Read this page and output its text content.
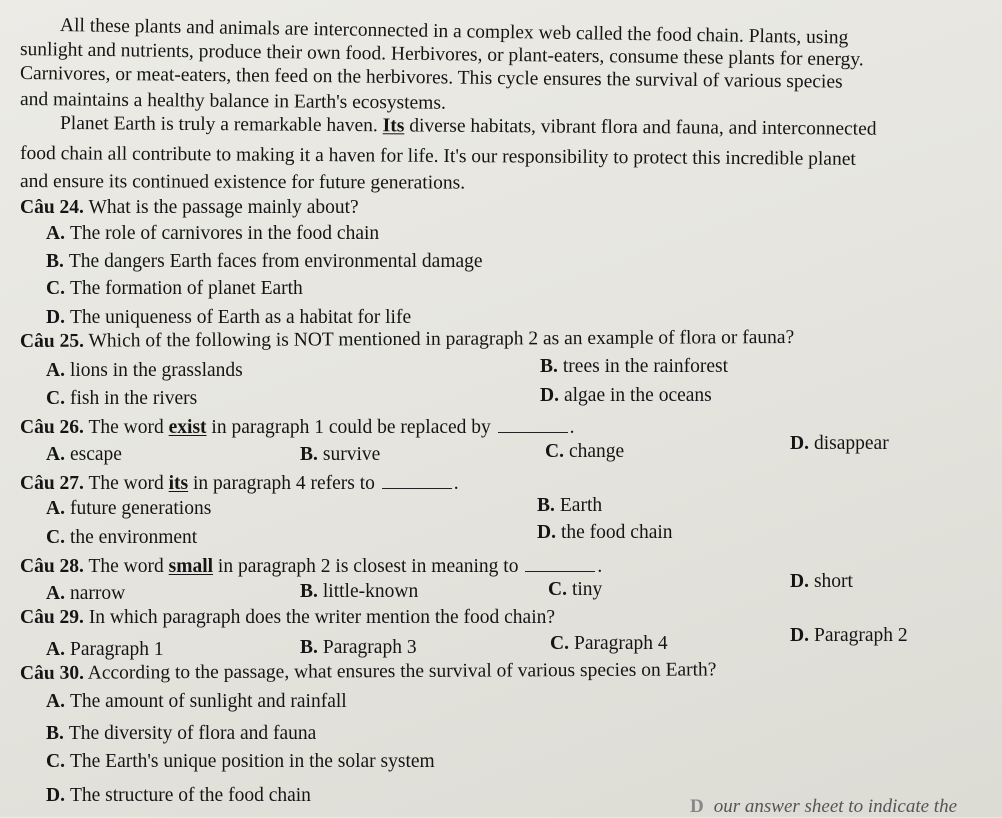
All these plants and animals are interconnected in a complex web called the food chain. Plants, using
sunlight and nutrients, produce their own food. Herbivores, or plant-eaters, consume these plants for energy.
Carnivores, or meat-eaters, then feed on the herbivores. This cycle ensures the survival of various species
and maintains a healthy balance in Earth's ecosystems.
Planet Earth is truly a remarkable haven. Its diverse habitats, vibrant flora and fauna, and interconnected
food chain all contribute to making it a haven for life. It's our responsibility to protect this incredible planet
and ensure its continued existence for future generations.
Câu 24. What is the passage mainly about?
A. The role of carnivores in the food chain
B. The dangers Earth faces from environmental damage
C. The formation of planet Earth
D. The uniqueness of Earth as a habitat for life
Câu 25. Which of the following is NOT mentioned in paragraph 2 as an example of flora or fauna?
A. lions in the grasslands	B. trees in the rainforest
C. fish in the rivers	D. algae in the oceans
Câu 26. The word exist in paragraph 1 could be replaced by	.
A. escape	B. survive	C. change	D. disappear
Câu 27. The word its in paragraph 4 refers to	.
A. future generations	B. Earth
C. the environment	D. the food chain
Câu 28. The word small in paragraph 2 is closest in meaning to	.
A. narrow	B. little-known	C. tiny	D. short
Câu 29. In which paragraph does the writer mention the food chain?
A. Paragraph 1	B. Paragraph 3	C. Paragraph 4	D. Paragraph 2
Câu 30. According to the passage, what ensures the survival of various species on Earth?
A. The amount of sunlight and rainfall
B. The diversity of flora and fauna
C. The Earth's unique position in the solar system
D. The structure of the food chain
D our answer sheet to indicate the
